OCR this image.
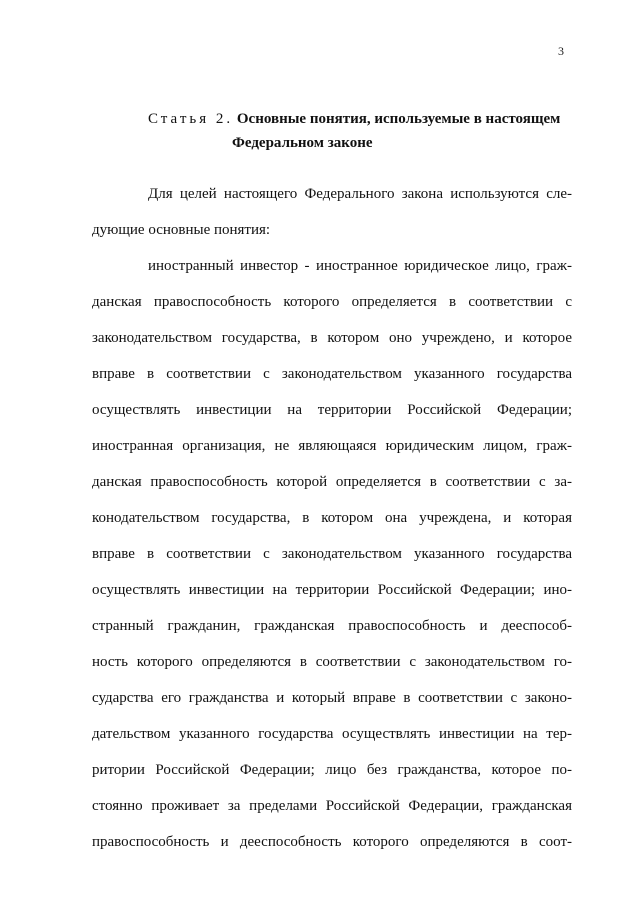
3
Статья 2. Основные понятия, используемые в настоящем
Федеральном законе
Для целей настоящего Федерального закона используются сле-
дующие основные понятия:
иностранный инвестор - иностранное юридическое лицо, граж-
данская правоспособность которого определяется в соответствии с
законодательством государства, в котором оно учреждено, и которое
вправе в соответствии с законодательством указанного государства
осуществлять инвестиции на территории Российской Федерации;
иностранная организация, не являющаяся юридическим лицом, граж-
данская правоспособность которой определяется в соответствии с за-
конодательством государства, в котором она учреждена, и которая
вправе в соответствии с законодательством указанного государства
осуществлять инвестиции на территории Российской Федерации; ино-
странный гражданин, гражданская правоспособность и дееспособ-
ность которого определяются в соответствии с законодательством го-
сударства его гражданства и который вправе в соответствии с законо-
дательством указанного государства осуществлять инвестиции на тер-
ритории Российской Федерации; лицо без гражданства, которое по-
стоянно проживает за пределами Российской Федерации, гражданская
правоспособность и дееспособность которого определяются в соот-
